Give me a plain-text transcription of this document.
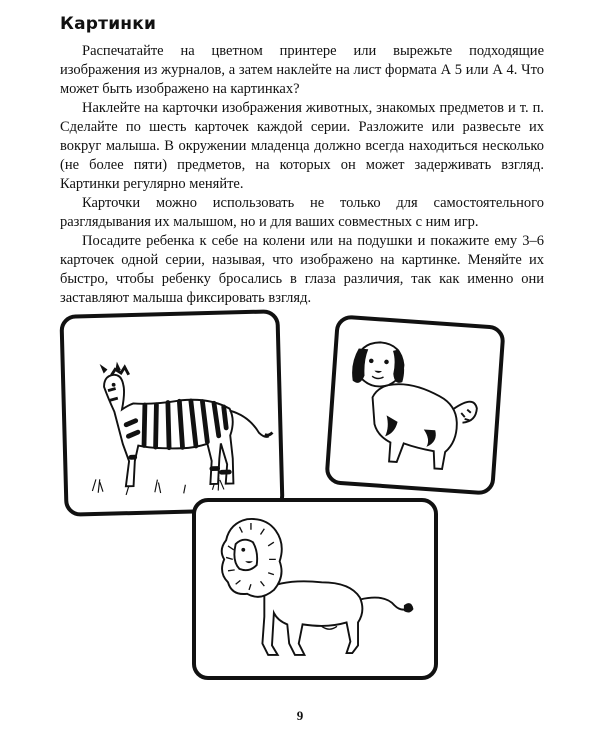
Картинки

Распечатайте на цветном принтере или вырежьте подходящие изображения из журналов, а затем наклейте на лист формата А 5 или А 4. Что может быть изображено на картинках?

Наклейте на карточки изображения животных, знакомых предметов и т. п. Сделайте по шесть карточек каждой серии. Разложите или развесьте их вокруг малыша. В окружении младенца должно всегда находиться несколько (не более пяти) предметов, на которых он может задерживать взгляд. Картинки регулярно меняйте.

Карточки можно использовать не только для самостоятельного разглядывания их малышом, но и для ваших совместных с ним игр.

Посадите ребенка к себе на колени или на подушки и покажите ему 3–6 карточек одной серии, называя, что изображено на картинке. Меняйте их быстро, чтобы ребенку бросались в глаза различия, так как именно они заставляют малыша фиксировать взгляд.

9
